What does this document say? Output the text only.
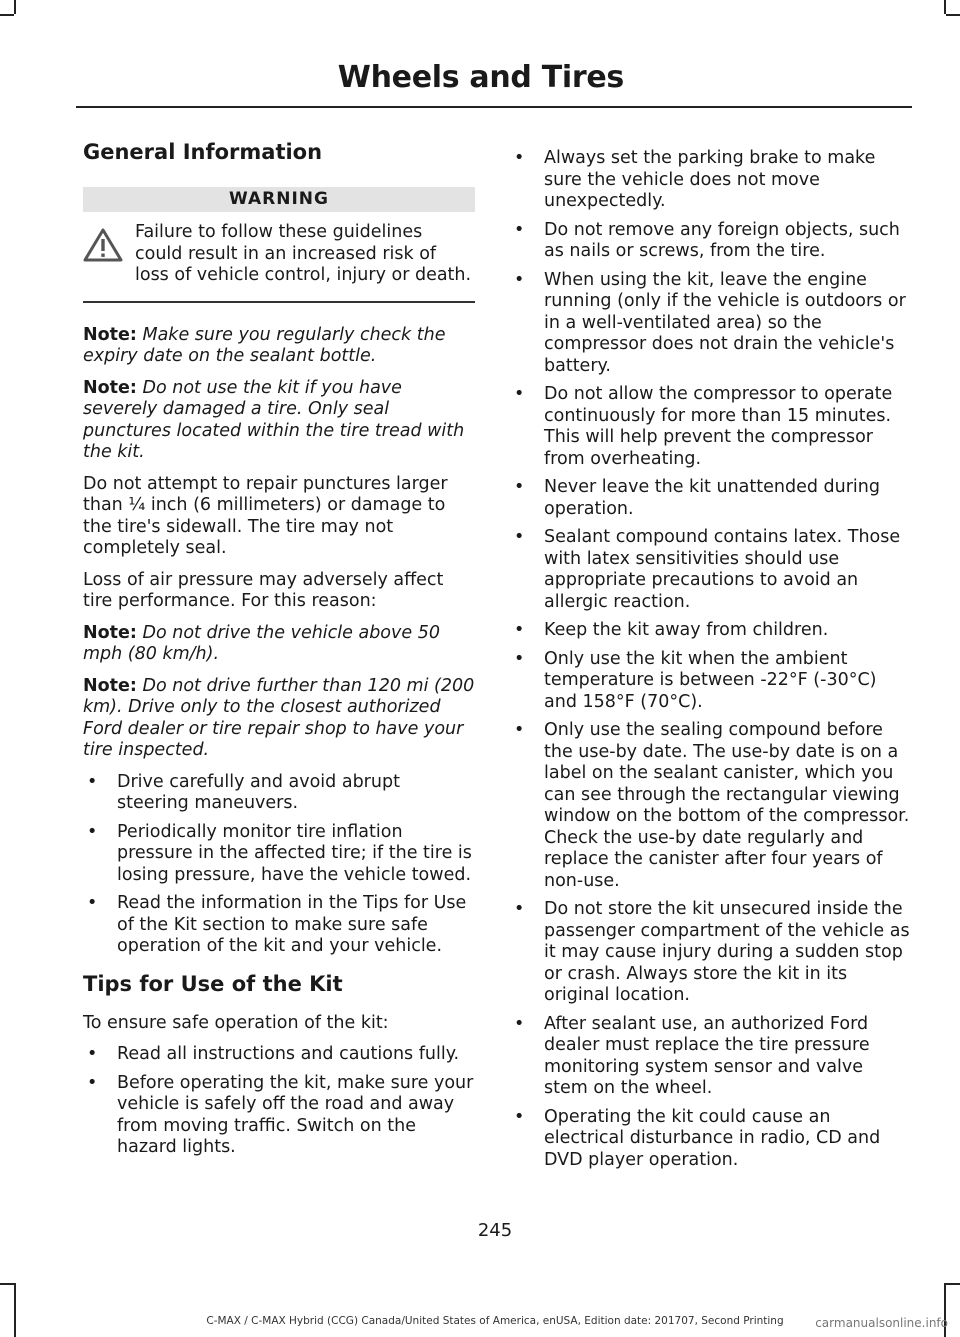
Wheels and Tires
General Information
WARNING
Failure to follow these guidelines could result in an increased risk of loss of vehicle control, injury or death.

Note: Make sure you regularly check the expiry date on the sealant bottle.

Note: Do not use the kit if you have severely damaged a tire. Only seal punctures located within the tire tread with the kit.

Do not attempt to repair punctures larger than ¼ inch (6 millimeters) or damage to the tire's sidewall. The tire may not completely seal.

Loss of air pressure may adversely affect tire performance. For this reason:

Note: Do not drive the vehicle above 50 mph (80 km/h).

Note: Do not drive further than 120 mi (200 km). Drive only to the closest authorized Ford dealer or tire repair shop to have your tire inspected.

• Drive carefully and avoid abrupt steering maneuvers.
• Periodically monitor tire inflation pressure in the affected tire; if the tire is losing pressure, have the vehicle towed.
• Read the information in the Tips for Use of the Kit section to make sure safe operation of the kit and your vehicle.
Tips for Use of the Kit

To ensure safe operation of the kit:

• Read all instructions and cautions fully.
• Before operating the kit, make sure your vehicle is safely off the road and away from moving traffic. Switch on the hazard lights.
• Always set the parking brake to make sure the vehicle does not move unexpectedly.
• Do not remove any foreign objects, such as nails or screws, from the tire.
• When using the kit, leave the engine running (only if the vehicle is outdoors or in a well-ventilated area) so the compressor does not drain the vehicle's battery.
• Do not allow the compressor to operate continuously for more than 15 minutes. This will help prevent the compressor from overheating.
• Never leave the kit unattended during operation.
• Sealant compound contains latex. Those with latex sensitivities should use appropriate precautions to avoid an allergic reaction.
• Keep the kit away from children.
• Only use the kit when the ambient temperature is between -22°F (-30°C) and 158°F (70°C).
• Only use the sealing compound before the use-by date. The use-by date is on a label on the sealant canister, which you can see through the rectangular viewing window on the bottom of the compressor. Check the use-by date regularly and replace the canister after four years of non-use.
• Do not store the kit unsecured inside the passenger compartment of the vehicle as it may cause injury during a sudden stop or crash. Always store the kit in its original location.
• After sealant use, an authorized Ford dealer must replace the tire pressure monitoring system sensor and valve stem on the wheel.
• Operating the kit could cause an electrical disturbance in radio, CD and DVD player operation.
245
C-MAX / C-MAX Hybrid (CCG) Canada/United States of America, enUSA, Edition date: 201707, Second Printing	carmanualsonline.info
